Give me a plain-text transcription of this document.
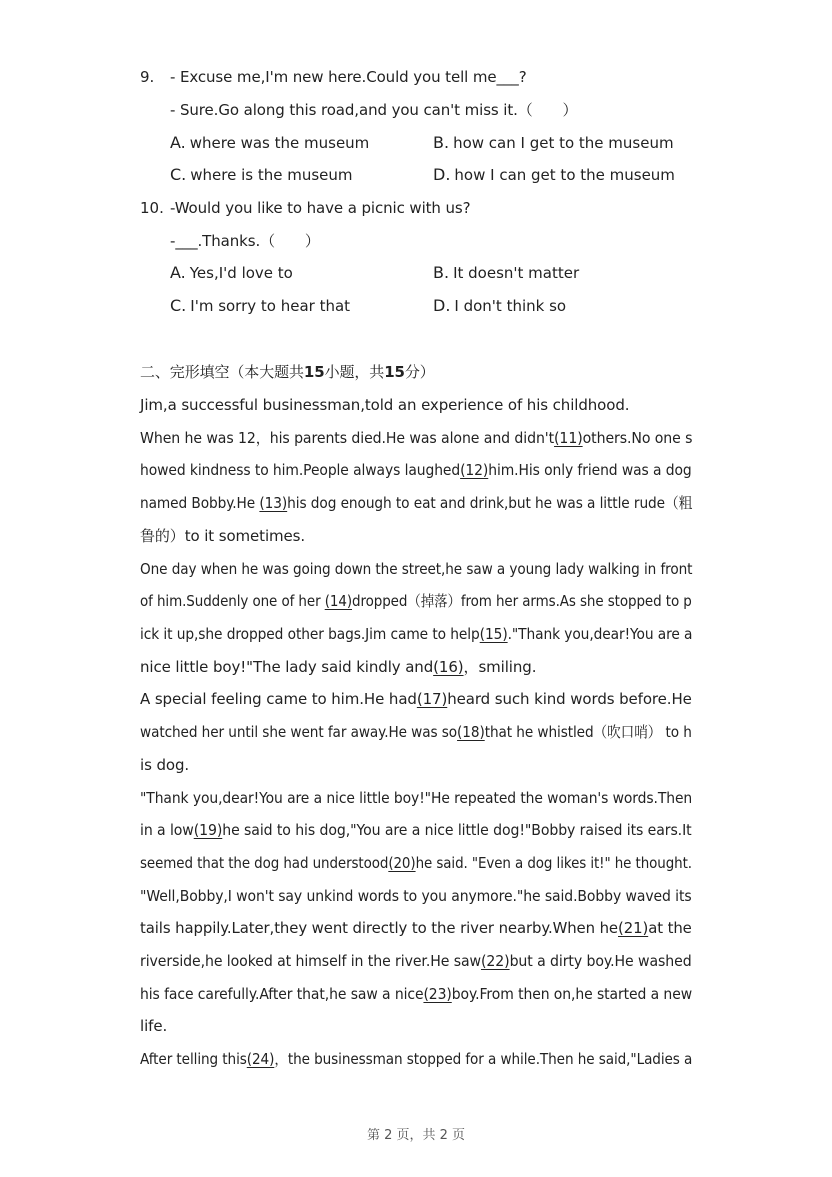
9. - Excuse me,I'm new here.Could you tell me___?
- Sure.Go along this road,and you can't miss it.（　　）
A. where was the museum	B. how can I get to the museum
C. where is the museum	D. how I can get to the museum
10. -Would you like to have a picnic with us?
-___.Thanks.（　　）
A. Yes,I'd love to	B. It doesn't matter
C. I'm sorry to hear that	D. I don't think so
二、完形填空（本大题共15小题，共15分）
Jim,a successful businessman,told an experience of his childhood.
When he was 12，his parents died.He was alone and didn't(11)others.No one s
howed kindness to him.People always laughed(12)him.His only friend was a dog
named Bobby.He (13)his dog enough to eat and drink,but he was a little rude（粗
鲁的）to it sometimes.
One day when he was going down the street,he saw a young lady walking in front
of him.Suddenly one of her (14)dropped（掉落）from her arms.As she stopped to p
ick it up,she dropped other bags.Jim came to help(15)."Thank you,dear!You are a
nice little boy!"The lady said kindly and(16)，smiling.
A special feeling came to him.He had(17)heard such kind words before.He
watched her until she went far away.He was so(18)that he whistled（吹口哨） to h
is dog.
"Thank you,dear!You are a nice little boy!"He repeated the woman's words.Then
in a low(19)he said to his dog,"You are a nice little dog!"Bobby raised its ears.It
seemed that the dog had understood(20)he said. "Even a dog likes it!" he thought.
"Well,Bobby,I won't say unkind words to you anymore."he said.Bobby waved its
tails happily.Later,they went directly to the river nearby.When he(21)at the
riverside,he looked at himself in the river.He saw(22)but a dirty boy.He washed
his face carefully.After that,he saw a nice(23)boy.From then on,he started a new
life.
After telling this(24)，the businessman stopped for a while.Then he said,"Ladies a
第 2 页，共 2 页
